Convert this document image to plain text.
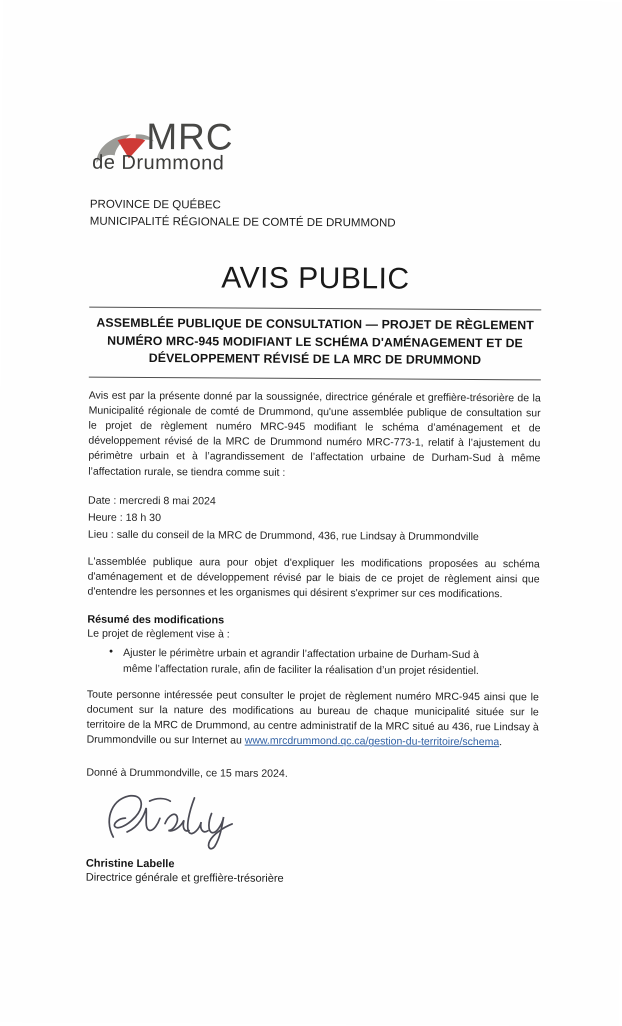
MRC
de Drummond
PROVINCE DE QUÉBEC
MUNICIPALITÉ RÉGIONALE DE COMTÉ DE DRUMMOND
AVIS PUBLIC
ASSEMBLÉE PUBLIQUE DE CONSULTATION — PROJET DE RÈGLEMENT
NUMÉRO MRC-945 MODIFIANT LE SCHÉMA D'AMÉNAGEMENT ET DE
DÉVELOPPEMENT RÉVISÉ DE LA MRC DE DRUMMOND
Avis est par la présente donné par la soussignée, directrice générale et greffière-trésorière de la Municipalité régionale de comté de Drummond, qu'une assemblée publique de consultation sur le projet de règlement numéro MRC-945 modifiant le schéma d’aménagement et de développement révisé de la MRC de Drummond numéro MRC-773-1, relatif à l’ajustement du périmètre urbain et à l’agrandissement de l’affectation urbaine de Durham-Sud à même l’affectation rurale, se tiendra comme suit :
Date : mercredi 8 mai 2024
Heure : 18 h 30
Lieu : salle du conseil de la MRC de Drummond, 436, rue Lindsay à Drummondville
L'assemblée publique aura pour objet d'expliquer les modifications proposées au schéma d'aménagement et de développement révisé par le biais de ce projet de règlement ainsi que d'entendre les personnes et les organismes qui désirent s'exprimer sur ces modifications.
Résumé des modifications
Le projet de règlement vise à :
• Ajuster le périmètre urbain et agrandir l’affectation urbaine de Durham-Sud à même l’affectation rurale, afin de faciliter la réalisation d’un projet résidentiel.
Toute personne intéressée peut consulter le projet de règlement numéro MRC-945 ainsi que le document sur la nature des modifications au bureau de chaque municipalité située sur le territoire de la MRC de Drummond, au centre administratif de la MRC situé au 436, rue Lindsay à Drummondville ou sur Internet au www.mrcdrummond.qc.ca/gestion-du-territoire/schema.
Donné à Drummondville, ce 15 mars 2024.
Christine Labelle
Directrice générale et greffière-trésorière
